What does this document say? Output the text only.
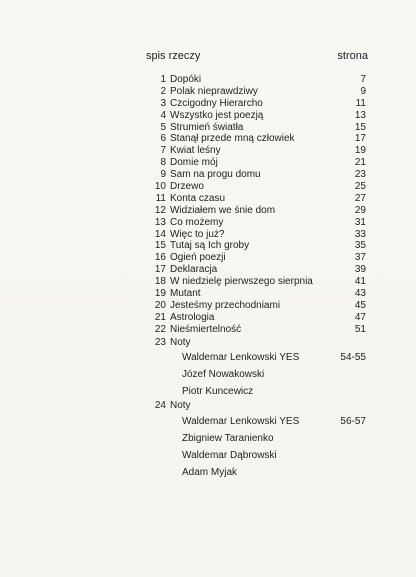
spis rzeczy	strona
1 Dopóki	7
2 Polak nieprawdziwy	9
3 Czcigodny Hierarcho	11
4 Wszystko jest poezją	13
5 Strumień światła	15
6 Stanął przede mną człowiek	17
7 Kwiat leśny	19
8 Domie mój	21
9 Sam na progu domu	23
10 Drzewo	25
11 Konta czasu	27
12 Widziałem we śnie dom	29
13 Co możemy	31
14 Więc to już?	33
15 Tutaj są Ich groby	35
16 Ogień poezji	37
17 Deklaracja	39
18 W niedzielę pierwszego sierpnia	41
19 Mutant	43
20 Jesteśmy przechodniami	45
21 Astrologia	47
22 Nieśmiertelność	51
23 Noty
Waldemar Lenkowski YES	54-55
Józef Nowakowski
Piotr Kuncewicz
24 Noty
Waldemar Lenkowski YES	56-57
Zbigniew Taranienko
Waldemar Dąbrowski
Adam Myjak
